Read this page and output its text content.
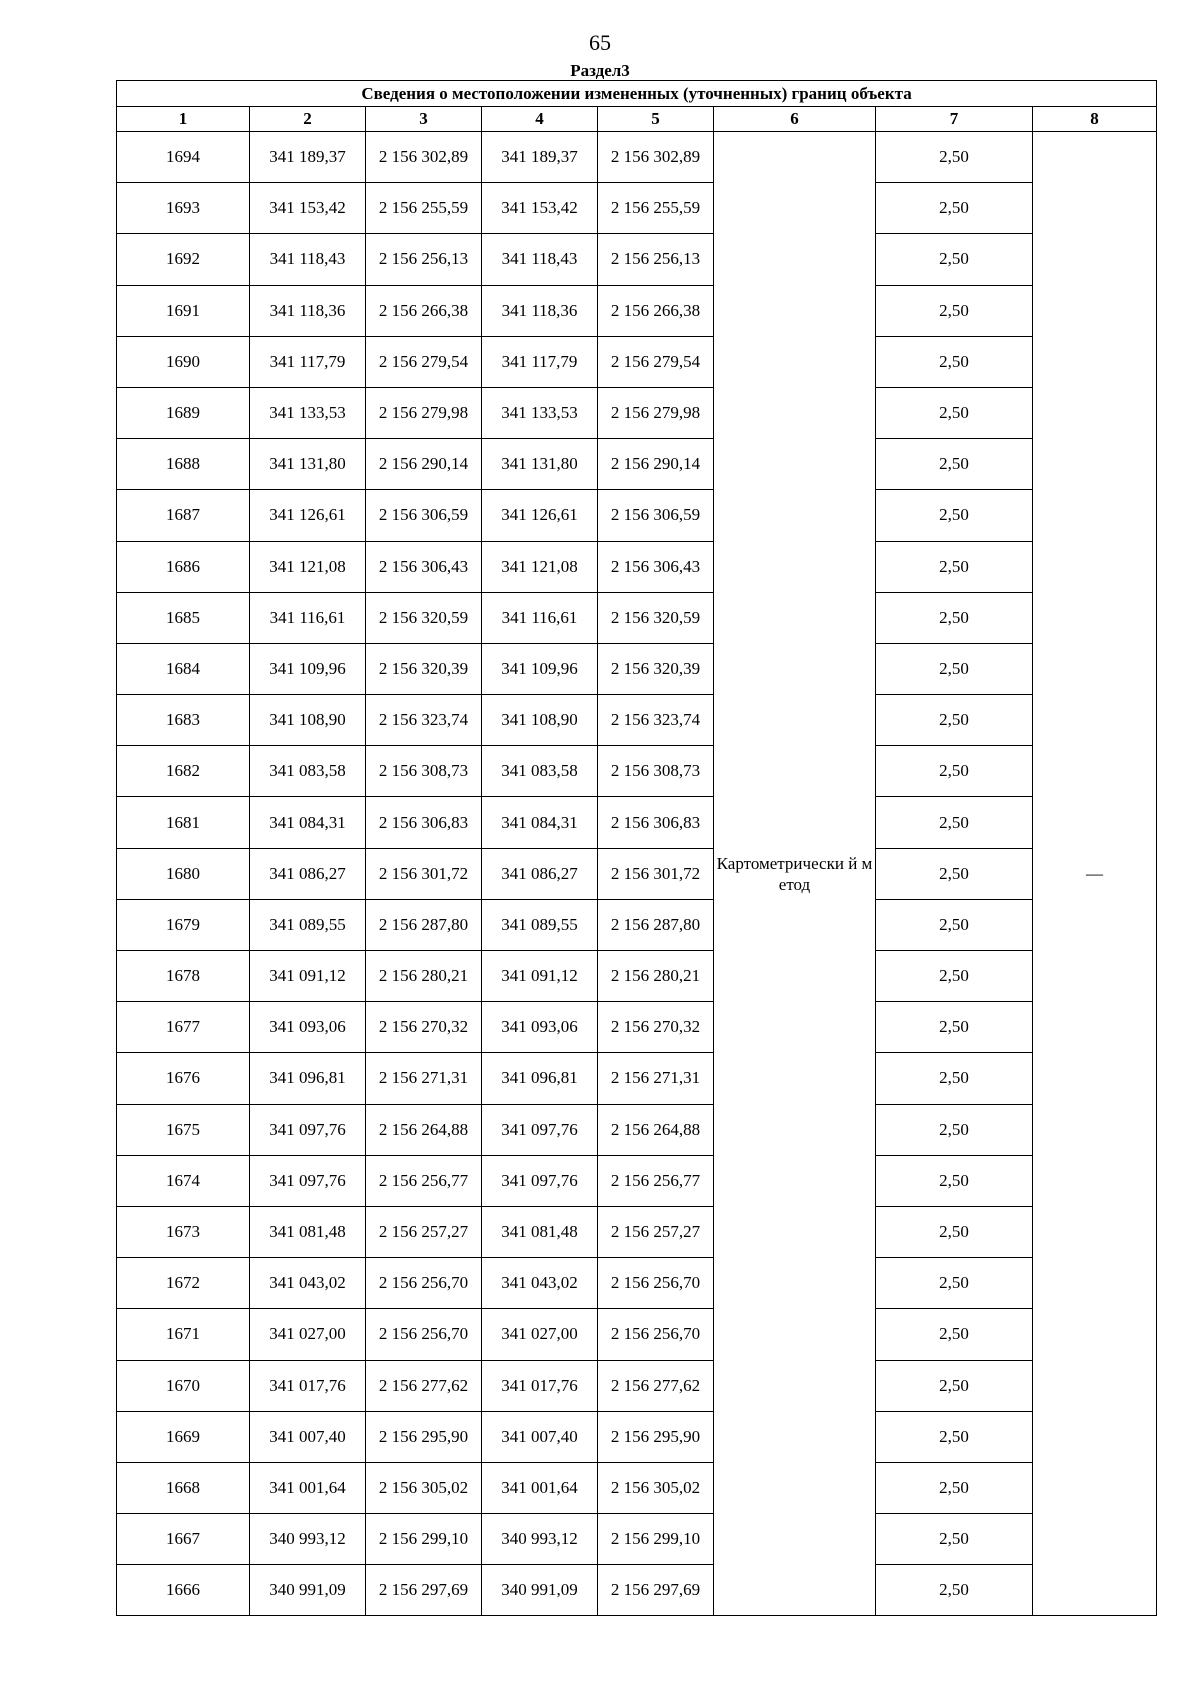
65
Раздел3
Сведения о местоположении измененных (уточненных) границ объекта							
1	2	3	4	5	6	7	8
1694	341 189,37	2 156 302,89	341 189,37	2 156 302,89	Картометрически й метод	2,50	—
1693	341 153,42	2 156 255,59	341 153,42	2 156 255,59		2,50	
1692	341 118,43	2 156 256,13	341 118,43	2 156 256,13		2,50	
1691	341 118,36	2 156 266,38	341 118,36	2 156 266,38		2,50	
1690	341 117,79	2 156 279,54	341 117,79	2 156 279,54		2,50	
1689	341 133,53	2 156 279,98	341 133,53	2 156 279,98		2,50	
1688	341 131,80	2 156 290,14	341 131,80	2 156 290,14		2,50	
1687	341 126,61	2 156 306,59	341 126,61	2 156 306,59		2,50	
1686	341 121,08	2 156 306,43	341 121,08	2 156 306,43		2,50	
1685	341 116,61	2 156 320,59	341 116,61	2 156 320,59		2,50	
1684	341 109,96	2 156 320,39	341 109,96	2 156 320,39		2,50	
1683	341 108,90	2 156 323,74	341 108,90	2 156 323,74		2,50	
1682	341 083,58	2 156 308,73	341 083,58	2 156 308,73		2,50	
1681	341 084,31	2 156 306,83	341 084,31	2 156 306,83		2,50	
1680	341 086,27	2 156 301,72	341 086,27	2 156 301,72		2,50	
1679	341 089,55	2 156 287,80	341 089,55	2 156 287,80		2,50	
1678	341 091,12	2 156 280,21	341 091,12	2 156 280,21		2,50	
1677	341 093,06	2 156 270,32	341 093,06	2 156 270,32		2,50	
1676	341 096,81	2 156 271,31	341 096,81	2 156 271,31		2,50	
1675	341 097,76	2 156 264,88	341 097,76	2 156 264,88		2,50	
1674	341 097,76	2 156 256,77	341 097,76	2 156 256,77		2,50	
1673	341 081,48	2 156 257,27	341 081,48	2 156 257,27		2,50	
1672	341 043,02	2 156 256,70	341 043,02	2 156 256,70		2,50	
1671	341 027,00	2 156 256,70	341 027,00	2 156 256,70		2,50	
1670	341 017,76	2 156 277,62	341 017,76	2 156 277,62		2,50	
1669	341 007,40	2 156 295,90	341 007,40	2 156 295,90		2,50	
1668	341 001,64	2 156 305,02	341 001,64	2 156 305,02		2,50	
1667	340 993,12	2 156 299,10	340 993,12	2 156 299,10		2,50	
1666	340 991,09	2 156 297,69	340 991,09	2 156 297,69		2,50	
